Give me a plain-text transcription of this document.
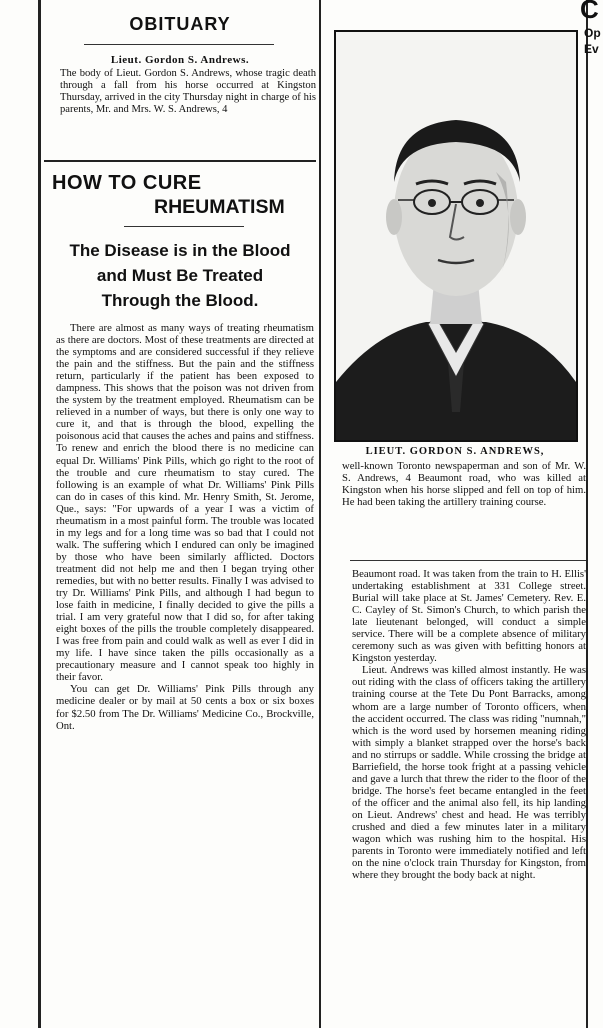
OBITUARY
Lieut. Gordon S. Andrews.
The body of Lieut. Gordon S. Andrews, whose tragic death through a fall from his horse occurred at Kingston Thursday, arrived in the city Thursday night in charge of his parents, Mr. and Mrs. W. S. Andrews, 4
HOW TO CURE
RHEUMATISM
The Disease is in the Blood
and Must Be Treated
Through the Blood.

There are almost as many ways of treating rheumatism as there are doctors. Most of these treatments are directed at the symptoms and are considered successful if they relieve the pain and the stiffness. But the pain and the stiffness return, particularly if the patient has been exposed to dampness. This shows that the poison was not driven from the system by the treatment employed. Rheumatism can be relieved in a number of ways, but there is only one way to cure it, and that is through the blood, expelling the poisonous acid that causes the aches and pains and stiffness. To renew and enrich the blood there is no medicine can equal Dr. Williams' Pink Pills, which go right to the root of the trouble and cure rheumatism to stay cured. The following is an example of what Dr. Williams' Pink Pills can do in cases of this kind. Mr. Henry Smith, St. Jerome, Que., says: "For upwards of a year I was a victim of rheumatism in a most painful form. The trouble was located in my legs and for a long time was so bad that I could not walk. The suffering which I endured can only be imagined by those who have been similarly afflicted. Doctors treatment did not help me and then I began trying other remedies, but with no better results. Finally I was advised to try Dr. Williams' Pink Pills, and although I had begun to lose faith in medicine, I finally decided to give the pills a trial. I am very grateful now that I did so, for after taking eight boxes of the pills the trouble completely disappeared. I was free from pain and could walk as well as ever I did in my life. I have since taken the pills occasionally as a precautionary measure and I cannot speak too highly in their favor.

You can get Dr. Williams' Pink Pills through any medicine dealer or by mail at 50 cents a box or six boxes for $2.50 from The Dr. Williams' Medicine Co., Brockville, Ont.

LIEUT. GORDON S. ANDREWS,
well-known Toronto newspaperman and son of Mr. W. S. Andrews, 4 Beaumont road, who was killed at Kingston when his horse slipped and fell on top of him. He had been taking the artillery training course.

Beaumont road. It was taken from the train to H. Ellis' undertaking establishment at 331 College street. Burial will take place at St. James' Cemetery. Rev. E. C. Cayley of St. Simon's Church, to which parish the late lieutenant belonged, will conduct a simple service. There will be a complete absence of military ceremony such as was given with befitting honors at Kingston yesterday.

Lieut. Andrews was killed almost instantly. He was out riding with the class of officers taking the artillery training course at the Tete Du Pont Barracks, among whom are a large number of Toronto officers, when the accident occurred. The class was riding "numnah," which is the word used by horsemen meaning riding with simply a blanket strapped over the horse's back and no stirrups or saddle. While crossing the bridge at Barriefield, the horse took fright at a passing vehicle and gave a lurch that threw the rider to the floor of the bridge. The horse's feet became entangled in the feet of the officer and the animal also fell, its hip landing on Lieut. Andrews' chest and head. He was terribly crushed and died a few minutes later in a military wagon which was rushing him to the hospital. His parents in Toronto were immediately notified and left on the nine o'clock train Thursday for Kingston, from where they brought the body back at night.

C
Op
Ev
